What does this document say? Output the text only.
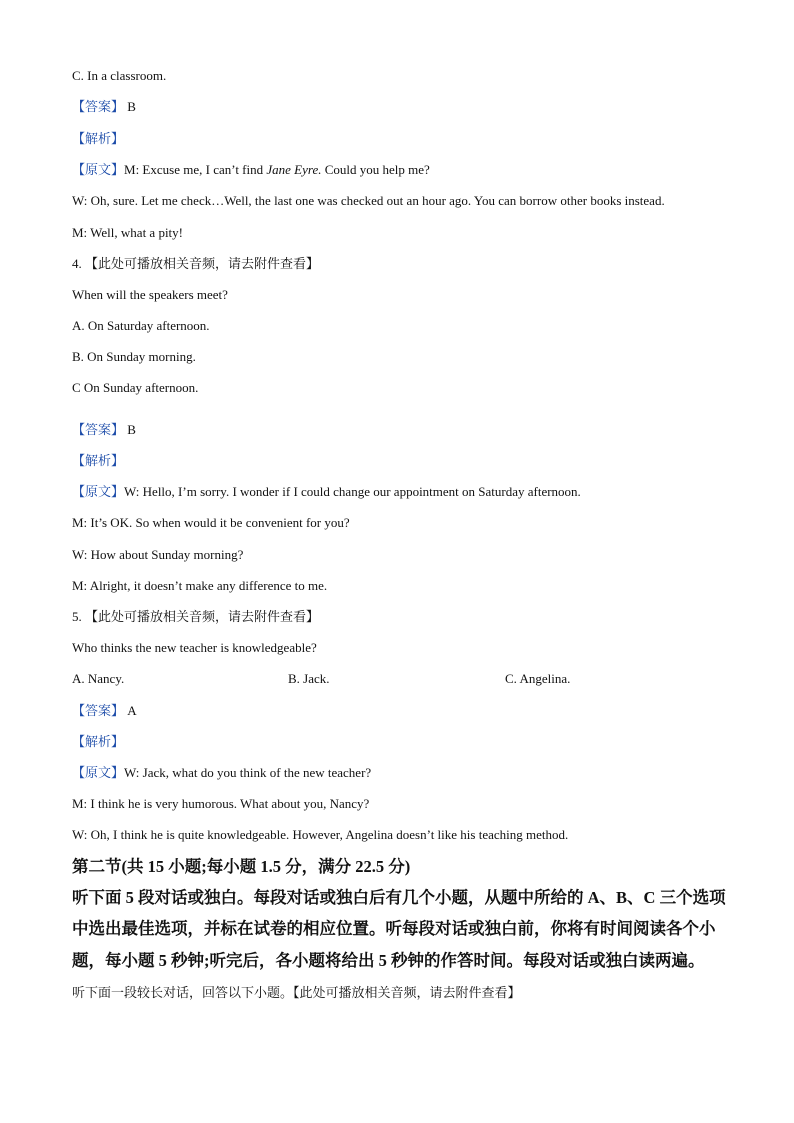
C. In a classroom.
【答案】 B
【解析】
【原文】M: Excuse me, I can’t find Jane Eyre. Could you help me?
W: Oh, sure. Let me check…Well, the last one was checked out an hour ago. You can borrow other books instead.
M: Well, what a pity!
4. 【此处可播放相关音频，请去附件查看】
When will the speakers meet?
A. On Saturday afternoon.
B. On Sunday morning.
C On Sunday afternoon.
【答案】 B
【解析】
【原文】W: Hello, I’m sorry. I wonder if I could change our appointment on Saturday afternoon.
M: It’s OK. So when would it be convenient for you?
W: How about Sunday morning?
M: Alright, it doesn’t make any difference to me.
5. 【此处可播放相关音频，请去附件查看】
Who thinks the new teacher is knowledgeable?
A. Nancy.	B. Jack.	C. Angelina.
【答案】 A
【解析】
【原文】W: Jack, what do you think of the new teacher?
M: I think he is very humorous. What about you, Nancy?
W: Oh, I think he is quite knowledgeable. However, Angelina doesn’t like his teaching method.
第二节(共 15 小题;每小题 1.5 分，满分 22.5 分)
听下面 5 段对话或独白。每段对话或独白后有几个小题，从题中所给的 A、B、C 三个选项
中选出最佳选项，并标在试卷的相应位置。听每段对话或独白前，你将有时间阅读各个小
题，每小题 5 秒钟;听完后，各小题将给出 5 秒钟的作答时间。每段对话或独白读两遍。
听下面一段较长对话，回答以下小题。【此处可播放相关音频，请去附件查看】
